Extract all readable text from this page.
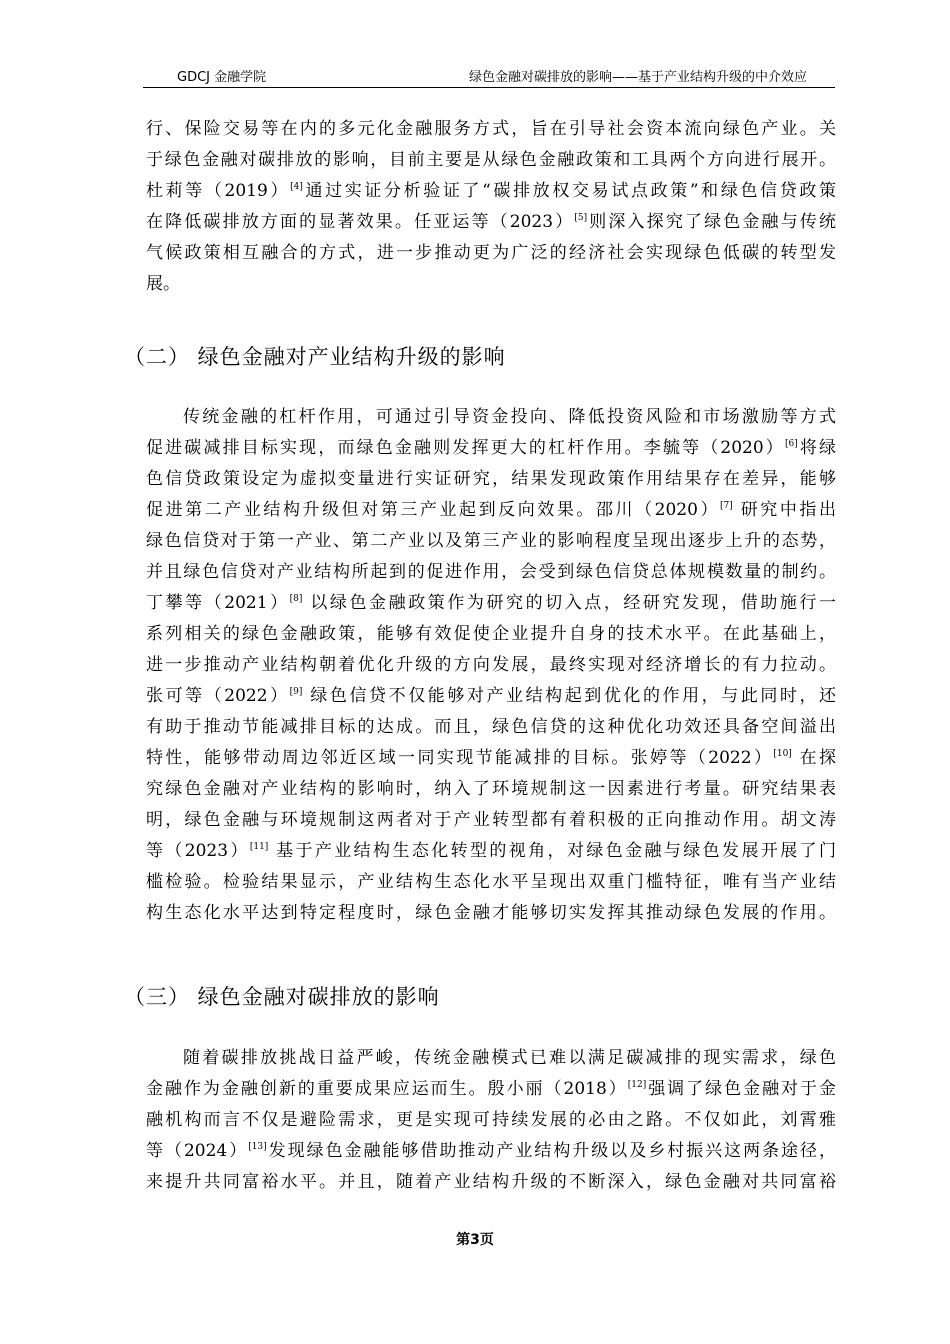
GDCJ 金融学院	绿色金融对碳排放的影响——基于产业结构升级的中介效应
行、保险交易等在内的多元化金融服务方式，旨在引导社会资本流向绿色产业。关
于绿色金融对碳排放的影响，目前主要是从绿色金融政策和工具两个方向进行展开。
杜莉等（2019）[4]通过实证分析验证了“碳排放权交易试点政策”和绿色信贷政策
在降低碳排放方面的显著效果。任亚运等（2023）[5]则深入探究了绿色金融与传统
气候政策相互融合的方式，进一步推动更为广泛的经济社会实现绿色低碳的转型发
展。
（二） 绿色金融对产业结构升级的影响
传统金融的杠杆作用，可通过引导资金投向、降低投资风险和市场激励等方式
促进碳减排目标实现，而绿色金融则发挥更大的杠杆作用。李毓等（2020）[6]将绿
色信贷政策设定为虚拟变量进行实证研究，结果发现政策作用结果存在差异，能够
促进第二产业结构升级但对第三产业起到反向效果。邵川（2020）[7] 研究中指出
绿色信贷对于第一产业、第二产业以及第三产业的影响程度呈现出逐步上升的态势，
并且绿色信贷对产业结构所起到的促进作用，会受到绿色信贷总体规模数量的制约。
丁攀等（2021）[8] 以绿色金融政策作为研究的切入点，经研究发现，借助施行一
系列相关的绿色金融政策，能够有效促使企业提升自身的技术水平。在此基础上，
进一步推动产业结构朝着优化升级的方向发展，最终实现对经济增长的有力拉动。
张可等（2022）[9] 绿色信贷不仅能够对产业结构起到优化的作用，与此同时，还
有助于推动节能减排目标的达成。而且，绿色信贷的这种优化功效还具备空间溢出
特性，能够带动周边邻近区域一同实现节能减排的目标。张婷等（2022）[10] 在探
究绿色金融对产业结构的影响时，纳入了环境规制这一因素进行考量。研究结果表
明，绿色金融与环境规制这两者对于产业转型都有着积极的正向推动作用。胡文涛
等（2023）[11] 基于产业结构生态化转型的视角，对绿色金融与绿色发展开展了门
槛检验。检验结果显示，产业结构生态化水平呈现出双重门槛特征，唯有当产业结
构生态化水平达到特定程度时，绿色金融才能够切实发挥其推动绿色发展的作用。
（三） 绿色金融对碳排放的影响
随着碳排放挑战日益严峻，传统金融模式已难以满足碳减排的现实需求，绿色
金融作为金融创新的重要成果应运而生。殷小丽（2018）[12]强调了绿色金融对于金
融机构而言不仅是避险需求，更是实现可持续发展的必由之路。不仅如此，刘霄雅
等（2024）[13]发现绿色金融能够借助推动产业结构升级以及乡村振兴这两条途径，
来提升共同富裕水平。并且，随着产业结构升级的不断深入，绿色金融对共同富裕
第3页
